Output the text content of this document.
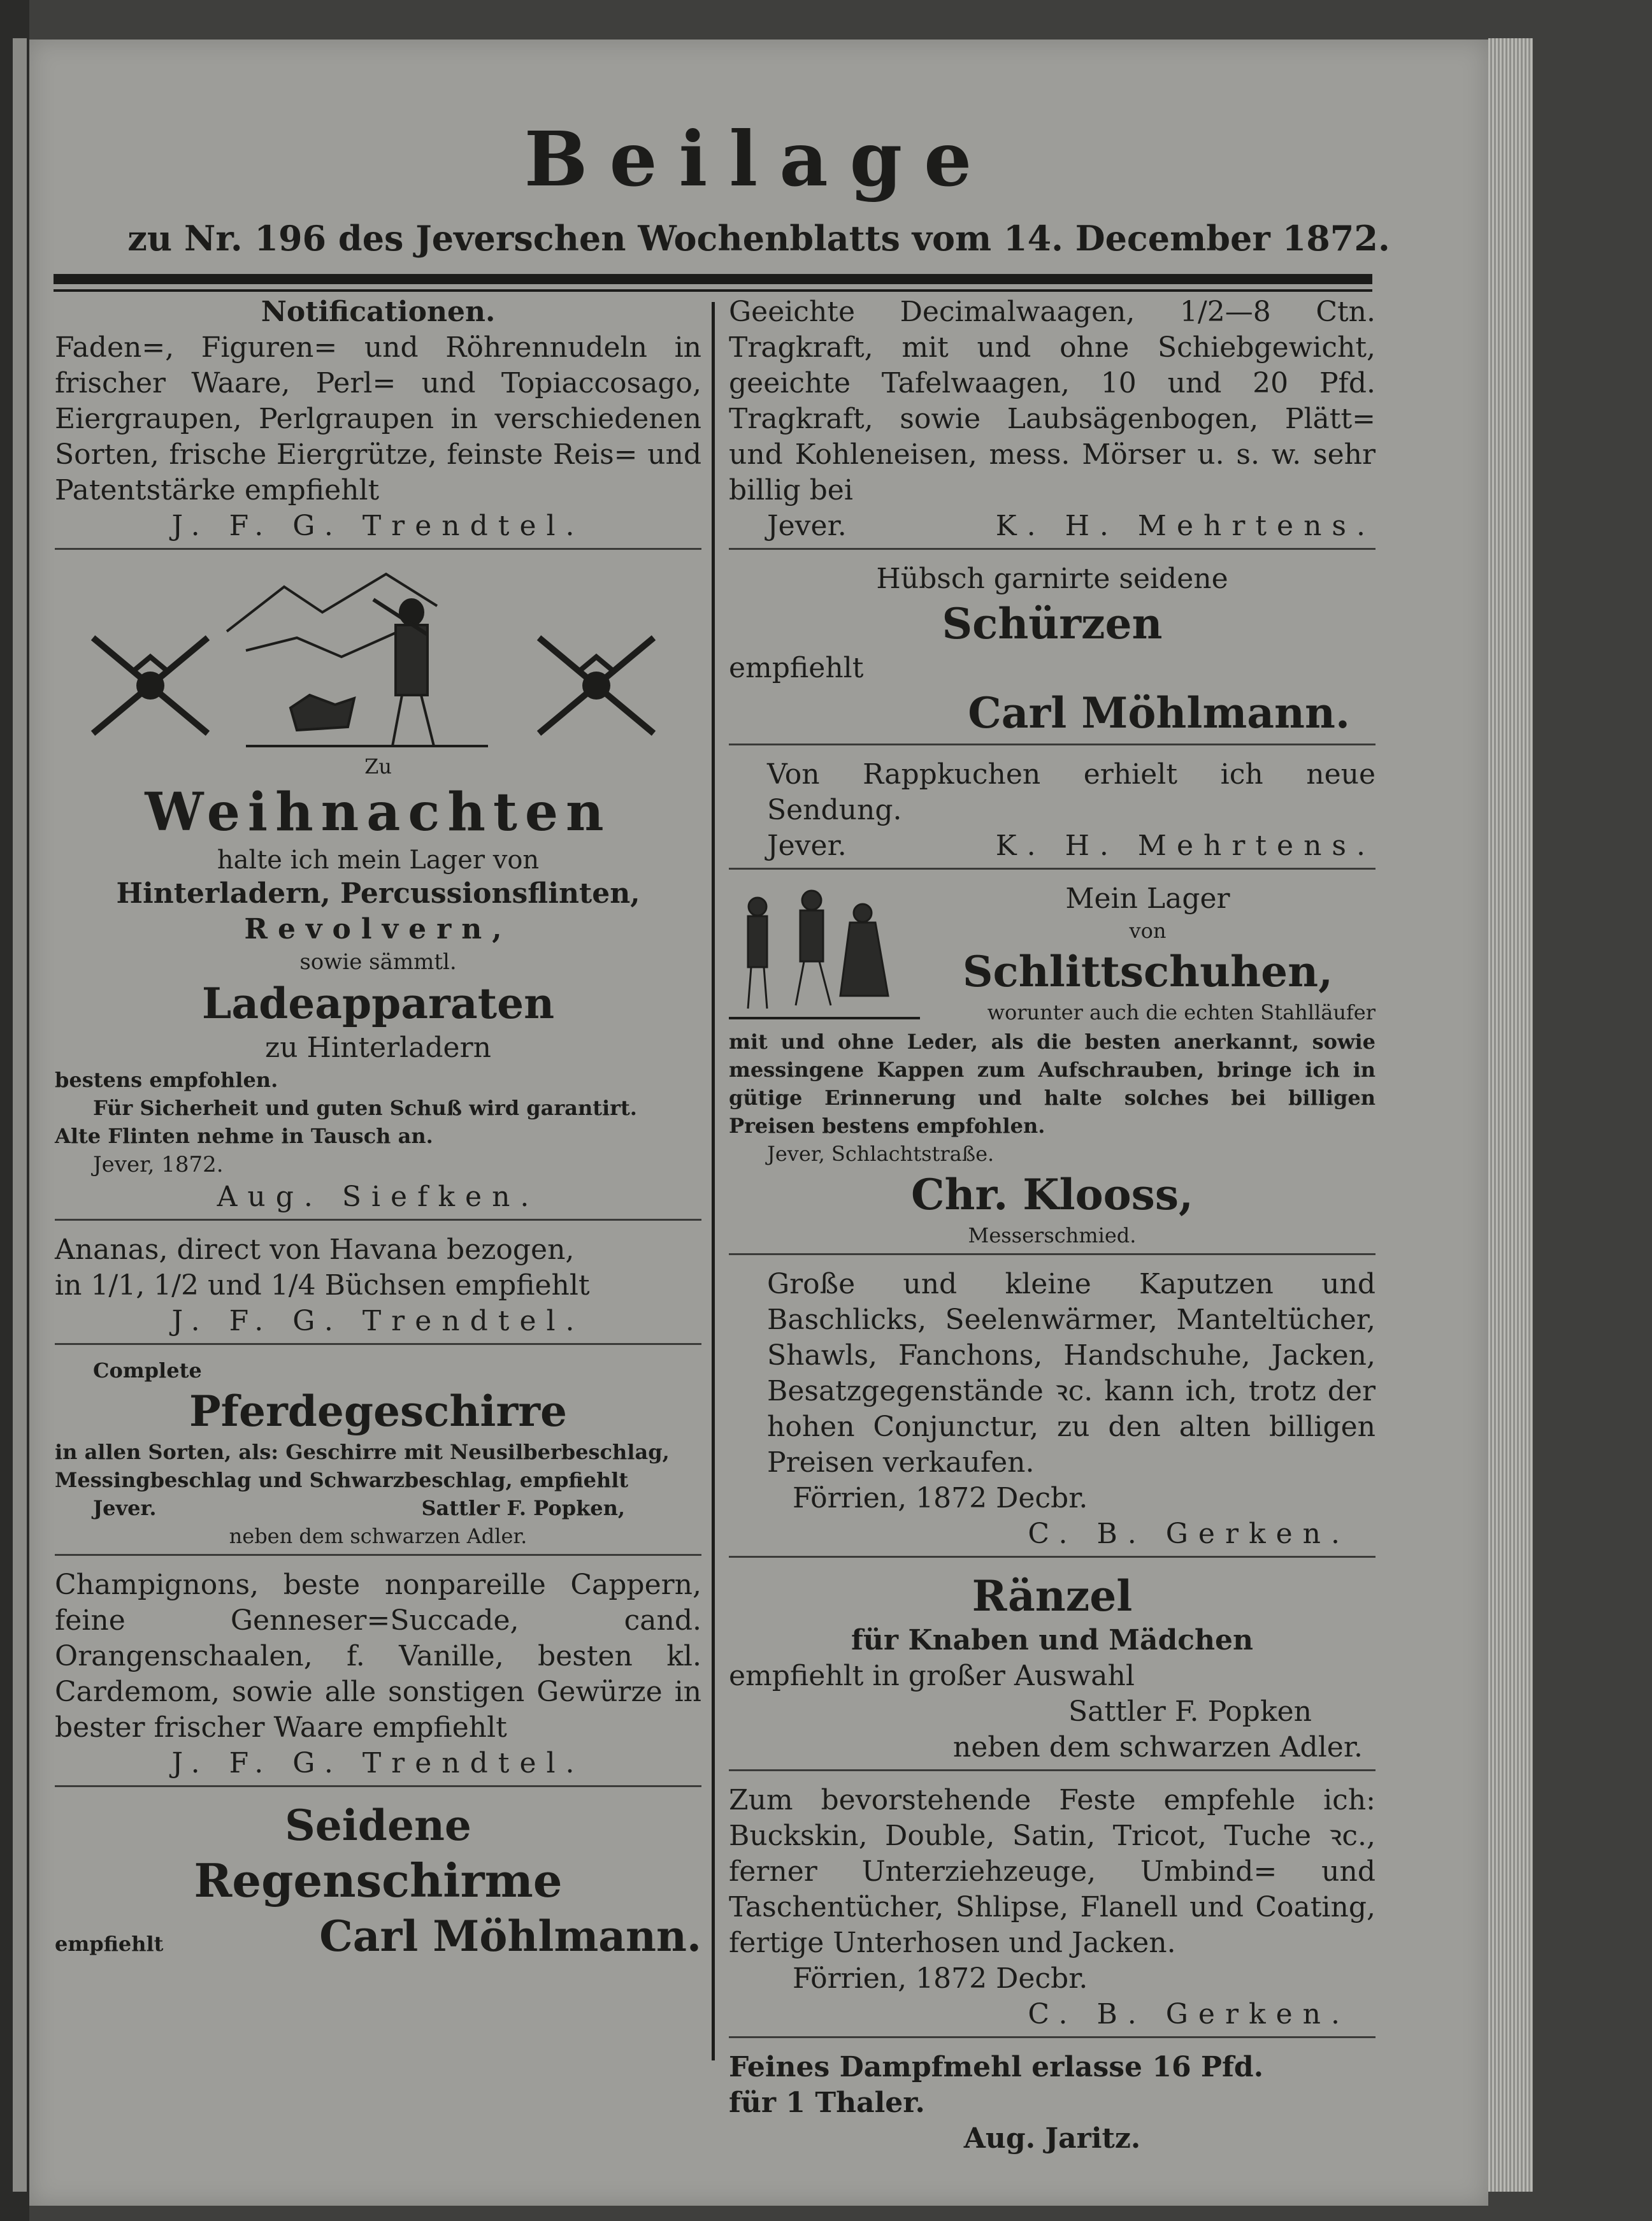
Beilage
zu Nr. 196 des Jeverschen Wochenblatts vom 14. December 1872.
Notificationen.
Faden=, Figuren= und Röhrennudeln in frischer Waare, Perl= und Topiaccosago, Eiergraupen, Perlgraupen in verschiedenen Sorten, frische Eiergrütze, feinste Reis= und Patentstärke empfiehlt
J. F. G. Trendtel.
Zu
Weihnachten
halte ich mein Lager von
Hinterladern, Percussionsflinten,
Revolvern,
sowie sämmtl.
Ladeapparaten
zu Hinterladern
bestens empfohlen.
Für Sicherheit und guten Schuß wird garantirt.
Alte Flinten nehme in Tausch an.
Jever, 1872.
Aug. Siefken.
Ananas, direct von Havana bezogen,
in 1/1, 1/2 und 1/4 Büchsen empfiehlt
J. F. G. Trendtel.
Complete
Pferdegeschirre
in allen Sorten, als: Geschirre mit Neusilberbeschlag,
Messingbeschlag und Schwarzbeschlag, empfiehlt
Jever.	Sattler F. Popken,
neben dem schwarzen Adler.
Champignons, beste nonpareille Cappern, feine Genneser=Succade, cand. Orangenschaalen, f. Vanille, besten kl. Cardemom, sowie alle sonstigen Gewürze in bester frischer Waare empfiehlt
J. F. G. Trendtel.
Seidene
Regenschirme
empfiehlt	Carl Möhlmann.
Geeichte Decimalwaagen, 1/2—8 Ctn. Tragkraft, mit und ohne Schiebgewicht, geeichte Tafelwaagen, 10 und 20 Pfd. Tragkraft, sowie Laubsägenbogen, Plätt= und Kohleneisen, mess. Mörser u. s. w. sehr billig bei
Jever.	K. H. Mehrtens.
Hübsch garnirte seidene
Schürzen
empfiehlt
Carl Möhlmann.
Von Rappkuchen erhielt ich neue Sendung.
Jever.	K. H. Mehrtens.
Mein Lager
von
Schlittschuhen,
worunter auch die echten Stahlläufer
mit und ohne Leder, als die besten anerkannt, sowie messingene Kappen zum Aufschrauben, bringe ich in gütige Erinnerung und halte solches bei billigen Preisen bestens empfohlen.
Jever, Schlachtstraße.
Chr. Klooss,
Messerschmied.
Große und kleine Kaputzen und Baschlicks, Seelenwärmer, Manteltücher, Shawls, Fanchons, Handschuhe, Jacken, Besatzgegenstände ꝛc. kann ich, trotz der hohen Conjunctur, zu den alten billigen Preisen verkaufen.
Förrien, 1872 Decbr.
C. B. Gerken.
Ränzel
für Knaben und Mädchen
empfiehlt in großer Auswahl
Sattler F. Popken
neben dem schwarzen Adler.
Zum bevorstehende Feste empfehle ich: Buckskin, Double, Satin, Tricot, Tuche ꝛc., ferner Unterziehzeuge, Umbind= und Taschentücher, Shlipse, Flanell und Coating, fertige Unterhosen und Jacken.
Förrien, 1872 Decbr.
C. B. Gerken.
Feines Dampfmehl erlasse 16 Pfd.
für 1 Thaler.
Aug. Jaritz.
